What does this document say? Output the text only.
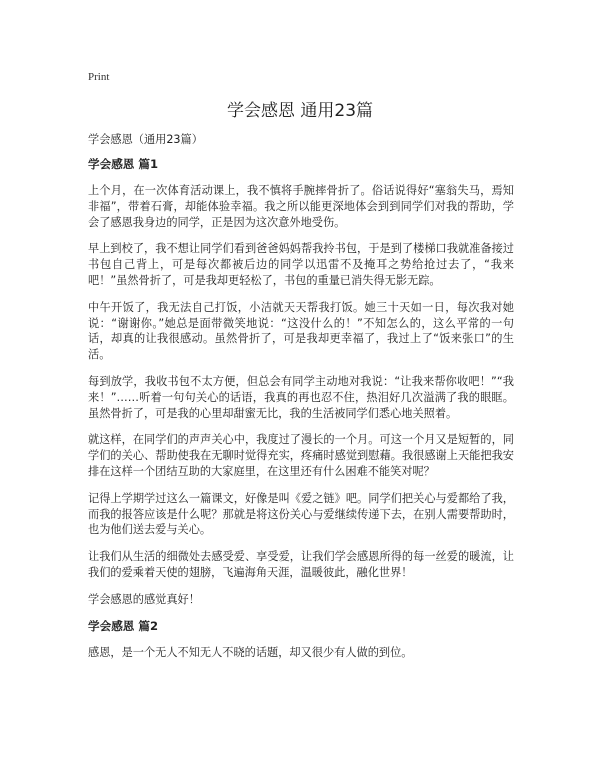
Print
学会感恩 通用23篇

学会感恩（通用23篇）

学会感恩 篇1

上个月，在一次体育活动课上，我不慎将手腕摔骨折了。俗话说得好“塞翁失马，焉知非福”，带着石膏，却能体验幸福。我之所以能更深地体会到到同学们对我的帮助，学会了感恩我身边的同学，正是因为这次意外地受伤。

早上到校了，我不想让同学们看到爸爸妈妈帮我拎书包，于是到了楼梯口我就准备接过书包自己背上，可是每次都被后边的同学以迅雷不及掩耳之势给抢过去了，“我来吧！”虽然骨折了，可是我却更轻松了，书包的重量已消失得无影无踪。

中午开饭了，我无法自己打饭，小洁就天天帮我打饭。她三十天如一日，每次我对她说：“谢谢你。”她总是面带微笑地说：“这没什么的！”不知怎么的，这么平常的一句话，却真的让我很感动。虽然骨折了，可是我却更幸福了，我过上了“饭来张口”的生活。

每到放学，我收书包不太方便，但总会有同学主动地对我说：“让我来帮你收吧！”“我来！”……听着一句句关心的话语，我真的再也忍不住，热泪好几次溢满了我的眼眶。虽然骨折了，可是我的心里却甜蜜无比，我的生活被同学们悉心地关照着。

就这样，在同学们的声声关心中，我度过了漫长的一个月。可这一个月又是短暂的，同学们的关心、帮助使我在无聊时觉得充实，疼痛时感觉到慰藉。我很感谢上天能把我安排在这样一个团结互助的大家庭里，在这里还有什么困难不能笑对呢？

记得上学期学过这么一篇课文，好像是叫《爱之链》吧。同学们把关心与爱都给了我，而我的报答应该是什么呢？那就是将这份关心与爱继续传递下去，在别人需要帮助时，也为他们送去爱与关心。

让我们从生活的细微处去感受爱、享受爱，让我们学会感恩所得的每一丝爱的暖流，让我们的爱乘着天使的翅膀，飞遍海角天涯，温暖彼此，融化世界！

学会感恩的感觉真好！

学会感恩 篇2

感恩，是一个无人不知无人不晓的话题，却又很少有人做的到位。
